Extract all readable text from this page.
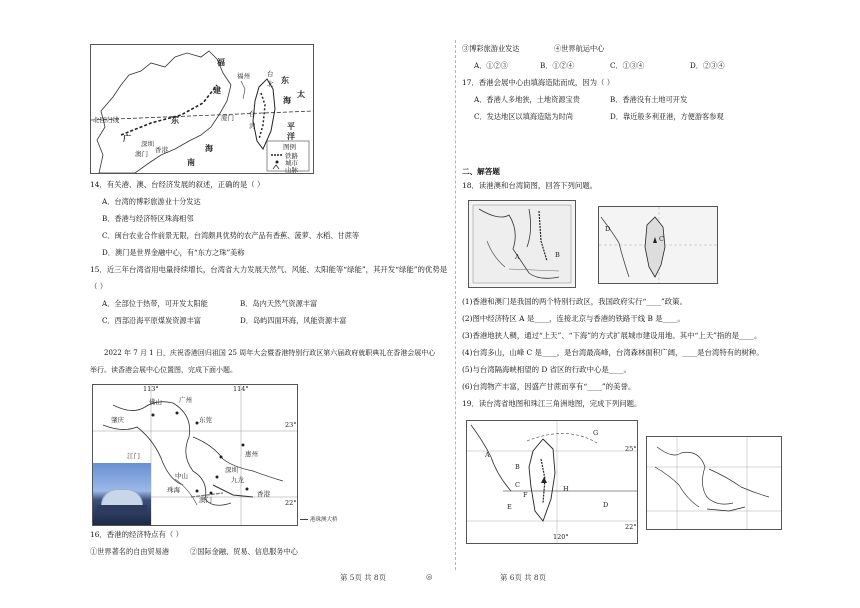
福
建
福州	台
北 东
海
太
北回归线
广
东
深圳
香港
澳门
南
海
厦门 台
湾	平
洋
图例
铁路
城市
山脉
14．有关港、澳、台经济发展的叙述，正确的是（ ）
A．台湾的博彩旅游业十分发达
B．香港与经济特区珠海相邻
C．闽台农业合作前景无限，台湾颇具优势的农产品有香蕉、菠萝、水稻、甘蔗等
D．澳门是世界金融中心，有“东方之珠”美称
15．近三年台湾省用电量持续增长，台湾省大力发展天然气、风能、太阳能等“绿能”，其开发“绿能”的优势是
（ ）
A．全部位于热带，可开发太阳能	B．岛内天然气资源丰富
C．西部沿海平原煤炭资源丰富	D．岛屿四面环海，风能资源丰富
2022 年 7 月 1 日，庆祝香港回归祖国 25 周年大会暨香港特别行政区第六届政府就职典礼在香港会展中心
举行。读香港会展中心位置图，完成下面小题。
113°	114°
佛山	广州
东莞
肇庆
惠州
23°
江门
深圳
中山	九龙
珠海	香港
澳门	22°
港珠澳大桥
16．香港的经济特点有（ ）
①世界著名的自由贸易港	②国际金融、贸易、信息服务中心
第 5页 共 8页	◎
③博彩旅游业发达	④世界航运中心
A．①②③	B．①②④	C．①③④	D．②③④
17．香港会展中心由填海造陆而成，因为（ ）
A．香港人多地狭，土地资源宝贵	B．香港没有土地可开发
C．发达地区以填海造陆为时尚	D．靠近般多利亚港，方便游客参观
二、解答题
18．读港澳和台湾简图，回答下列问题。
A	B
C
D
(1)香港和澳门是我国的两个特别行政区，我国政府实行“____”政策。
(2)图中经济特区 A 是____，连接北京与香港的铁路干线 B 是____。
(3)香港地狭人稠，通过“上天”、“下海”的方式扩展城市建设用地。其中“上天”指的是____。
(4)台湾多山，山峰 C 是____，是台湾最高峰，台湾森林面积广阔，____是台湾特有的树种。
(5)与台湾隔海峡相望的 D 省区的行政中心是____。
(6)台湾物产丰富，因盛产甘蔗而享有“____”的美誉。
19．读台湾省地图和珠江三角洲地图，完成下列问题。
G
A
B
C
D
E
F
H
120°
22°
25°
第 6页 共 8页
